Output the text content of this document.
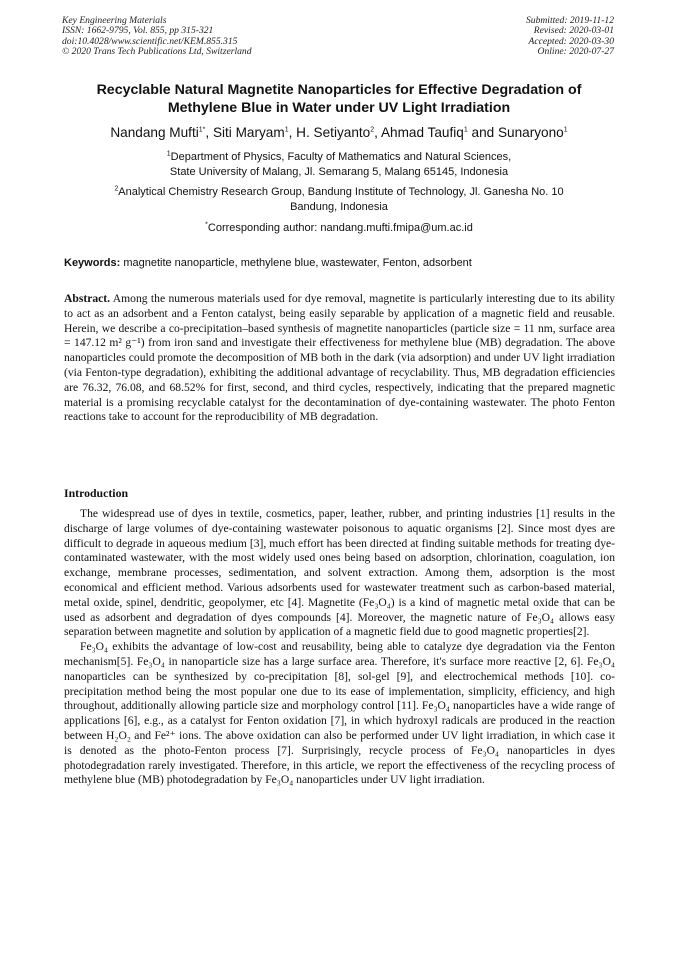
Key Engineering Materials
ISSN: 1662-9795, Vol. 855, pp 315-321
doi:10.4028/www.scientific.net/KEM.855.315
© 2020 Trans Tech Publications Ltd, Switzerland
Submitted: 2019-11-12
Revised: 2020-03-01
Accepted: 2020-03-30
Online: 2020-07-27
Recyclable Natural Magnetite Nanoparticles for Effective Degradation of
Methylene Blue in Water under UV Light Irradiation
Nandang Mufti$^{1*}$, Siti Maryam$^1$, H. Setiyanto$^2$, Ahmad Taufiq$^1$ and Sunaryono$^1$
$^1$Department of Physics, Faculty of Mathematics and Natural Sciences,
State University of Malang, Jl. Semarang 5, Malang 65145, Indonesia
$^2$Analytical Chemistry Research Group, Bandung Institute of Technology, Jl. Ganesha No. 10
Bandung, Indonesia
*Corresponding author: nandang.mufti.fmipa@um.ac.id
Keywords: magnetite nanoparticle, methylene blue, wastewater, Fenton, adsorbent
Abstract. Among the numerous materials used for dye removal, magnetite is particularly interesting due to its ability to act as an adsorbent and a Fenton catalyst, being easily separable by application of a magnetic field and reusable. Herein, we describe a co-precipitation–based synthesis of magnetite nanoparticles (particle size = 11 nm, surface area = 147.12 m² g⁻¹) from iron sand and investigate their effectiveness for methylene blue (MB) degradation. The above nanoparticles could promote the decomposition of MB both in the dark (via adsorption) and under UV light irradiation (via Fenton-type degradation), exhibiting the additional advantage of recyclability. Thus, MB degradation efficiencies are 76.32, 76.08, and 68.52% for first, second, and third cycles, respectively, indicating that the prepared magnetic material is a promising recyclable catalyst for the decontamination of dye-containing wastewater. The photo Fenton reactions take to account for the reproducibility of MB degradation.
Introduction

The widespread use of dyes in textile, cosmetics, paper, leather, rubber, and printing industries [1] results in the discharge of large volumes of dye-containing wastewater poisonous to aquatic organisms [2]. Since most dyes are difficult to degrade in aqueous medium [3], much effort has been directed at finding suitable methods for treating dye-contaminated wastewater, with the most widely used ones being based on adsorption, chlorination, coagulation, ion exchange, membrane processes, sedimentation, and solvent extraction. Among them, adsorption is the most economical and efficient method. Various adsorbents used for wastewater treatment such as carbon-based material, metal oxide, spinel, dendritic, geopolymer, etc [4]. Magnetite (Fe₃O₄) is a kind of magnetic metal oxide that can be used as adsorbent and degradation of dyes compounds [4]. Moreover, the magnetic nature of Fe₃O₄ allows easy separation between magnetite and solution by application of a magnetic field due to good magnetic properties[2].

Fe₃O₄ exhibits the advantage of low-cost and reusability, being able to catalyze dye degradation via the Fenton mechanism[5]. Fe₃O₄ in nanoparticle size has a large surface area. Therefore, it's surface more reactive [2, 6]. Fe₃O₄ nanoparticles can be synthesized by co-precipitation [8], sol-gel [9], and electrochemical methods [10]. co-precipitation method being the most popular one due to its ease of implementation, simplicity, efficiency, and high throughout, additionally allowing particle size and morphology control [11]. Fe₃O₄ nanoparticles have a wide range of applications [6], e.g., as a catalyst for Fenton oxidation [7], in which hydroxyl radicals are produced in the reaction between H₂O₂ and Fe²⁺ ions. The above oxidation can also be performed under UV light irradiation, in which case it is denoted as the photo-Fenton process [7]. Surprisingly, recycle process of Fe₃O₄ nanoparticles in dyes photodegradation rarely investigated. Therefore, in this article, we report the effectiveness of the recycling process of methylene blue (MB) photodegradation by Fe₃O₄ nanoparticles under UV light irradiation.
